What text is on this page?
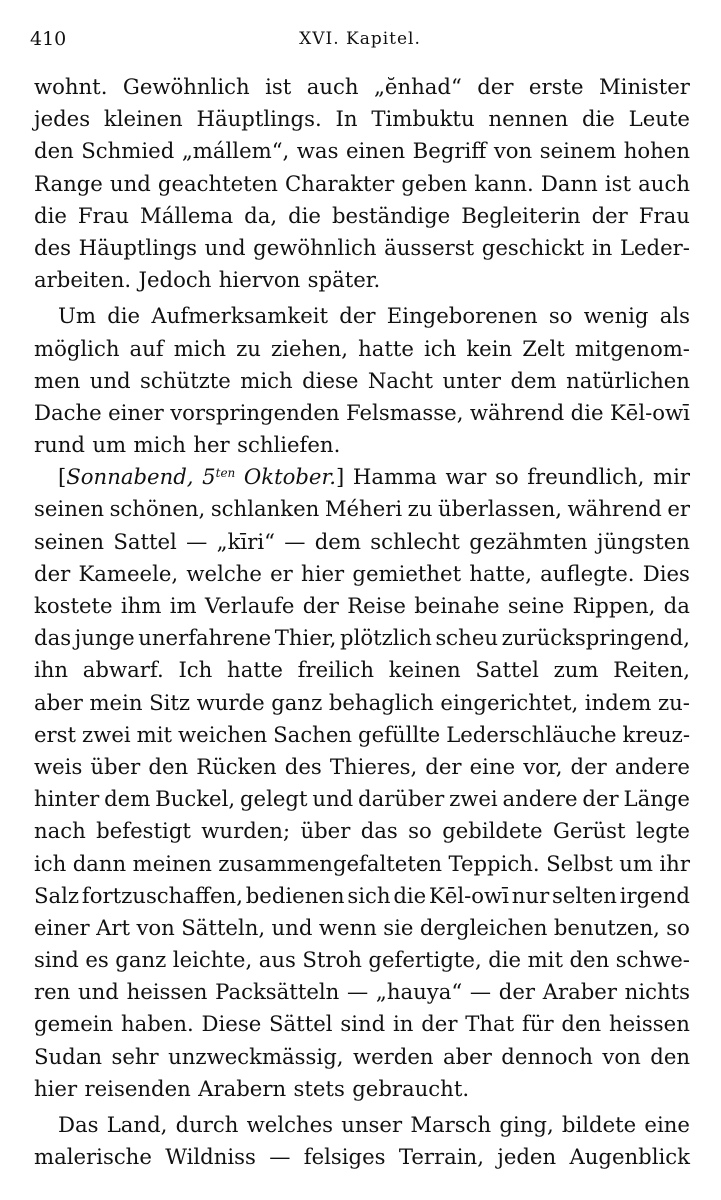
410	XVI. Kapitel.
wohnt. Gewöhnlich ist auch „ĕnhad“ der erste Minister
jedes kleinen Häuptlings. In Timbuktu nennen die Leute
den Schmied „mállem“, was einen Begriff von seinem hohen
Range und geachteten Charakter geben kann. Dann ist auch
die Frau Mállema da, die beständige Begleiterin der Frau
des Häuptlings und gewöhnlich äusserst geschickt in Leder-
arbeiten. Jedoch hiervon später.
Um die Aufmerksamkeit der Eingeborenen so wenig als
möglich auf mich zu ziehen, hatte ich kein Zelt mitgenom-
men und schützte mich diese Nacht unter dem natürlichen
Dache einer vorspringenden Felsmasse, während die Kēl-owī
rund um mich her schliefen.
[Sonnabend, $5^{ten}$ Oktober.] Hamma war so freundlich, mir
seinen schönen, schlanken Méheri zu überlassen, während er
seinen Sattel — „kīri“ — dem schlecht gezähmten jüngsten
der Kameele, welche er hier gemiethet hatte, auflegte. Dies
kostete ihm im Verlaufe der Reise beinahe seine Rippen, da
das junge unerfahrene Thier, plötzlich scheu zurückspringend,
ihn abwarf. Ich hatte freilich keinen Sattel zum Reiten,
aber mein Sitz wurde ganz behaglich eingerichtet, indem zu-
erst zwei mit weichen Sachen gefüllte Lederschläuche kreuz-
weis über den Rücken des Thieres, der eine vor, der andere
hinter dem Buckel, gelegt und darüber zwei andere der Länge
nach befestigt wurden; über das so gebildete Gerüst legte
ich dann meinen zusammengefalteten Teppich. Selbst um ihr
Salz fortzuschaffen, bedienen sich die Kēl-owī nur selten irgend
einer Art von Sätteln, und wenn sie dergleichen benutzen, so
sind es ganz leichte, aus Stroh gefertigte, die mit den schwe-
ren und heissen Packsätteln — „hauya“ — der Araber nichts
gemein haben. Diese Sättel sind in der That für den heissen
Sudan sehr unzweckmässig, werden aber dennoch von den
hier reisenden Arabern stets gebraucht.
Das Land, durch welches unser Marsch ging, bildete eine
malerische Wildniss — felsiges Terrain, jeden Augenblick
